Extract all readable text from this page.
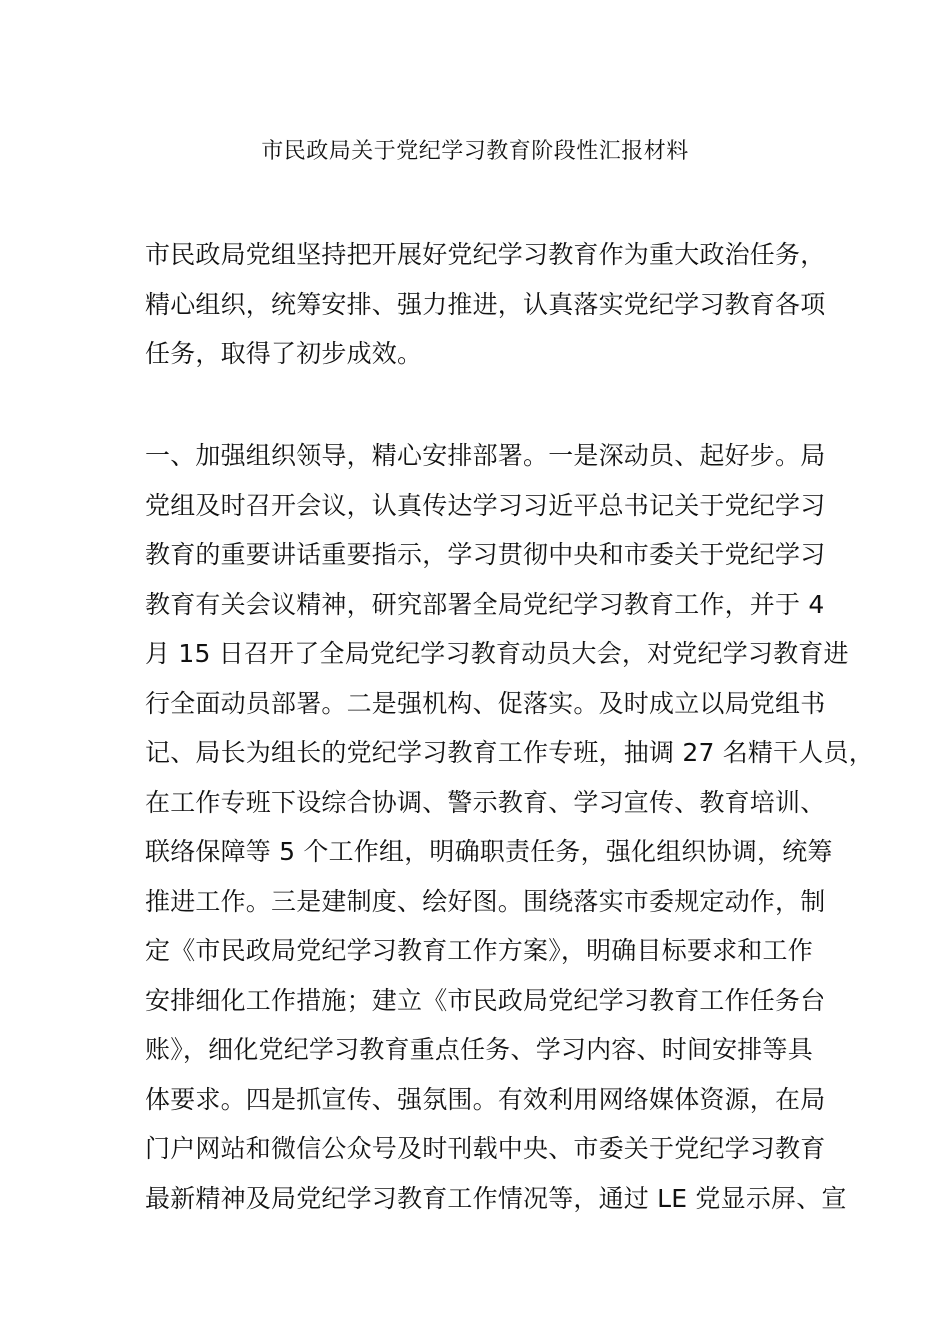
市民政局关于党纪学习教育阶段性汇报材料
市民政局党组坚持把开展好党纪学习教育作为重大政治任务，
精心组织，统筹安排、强力推进，认真落实党纪学习教育各项
任务，取得了初步成效。
一、加强组织领导，精心安排部署。一是深动员、起好步。局
党组及时召开会议，认真传达学习习近平总书记关于党纪学习
教育的重要讲话重要指示，学习贯彻中央和市委关于党纪学习
教育有关会议精神，研究部署全局党纪学习教育工作，并于 4
月 15 日召开了全局党纪学习教育动员大会，对党纪学习教育进
行全面动员部署。二是强机构、促落实。及时成立以局党组书
记、局长为组长的党纪学习教育工作专班，抽调 27 名精干人员，
在工作专班下设综合协调、警示教育、学习宣传、教育培训、
联络保障等 5 个工作组，明确职责任务，强化组织协调，统筹
推进工作。三是建制度、绘好图。围绕落实市委规定动作，制
定《市民政局党纪学习教育工作方案》，明确目标要求和工作
安排细化工作措施；建立《市民政局党纪学习教育工作任务台
账》，细化党纪学习教育重点任务、学习内容、时间安排等具
体要求。四是抓宣传、强氛围。有效利用网络媒体资源，在局
门户网站和微信公众号及时刊载中央、市委关于党纪学习教育
最新精神及局党纪学习教育工作情况等，通过 LE 党显示屏、宣
